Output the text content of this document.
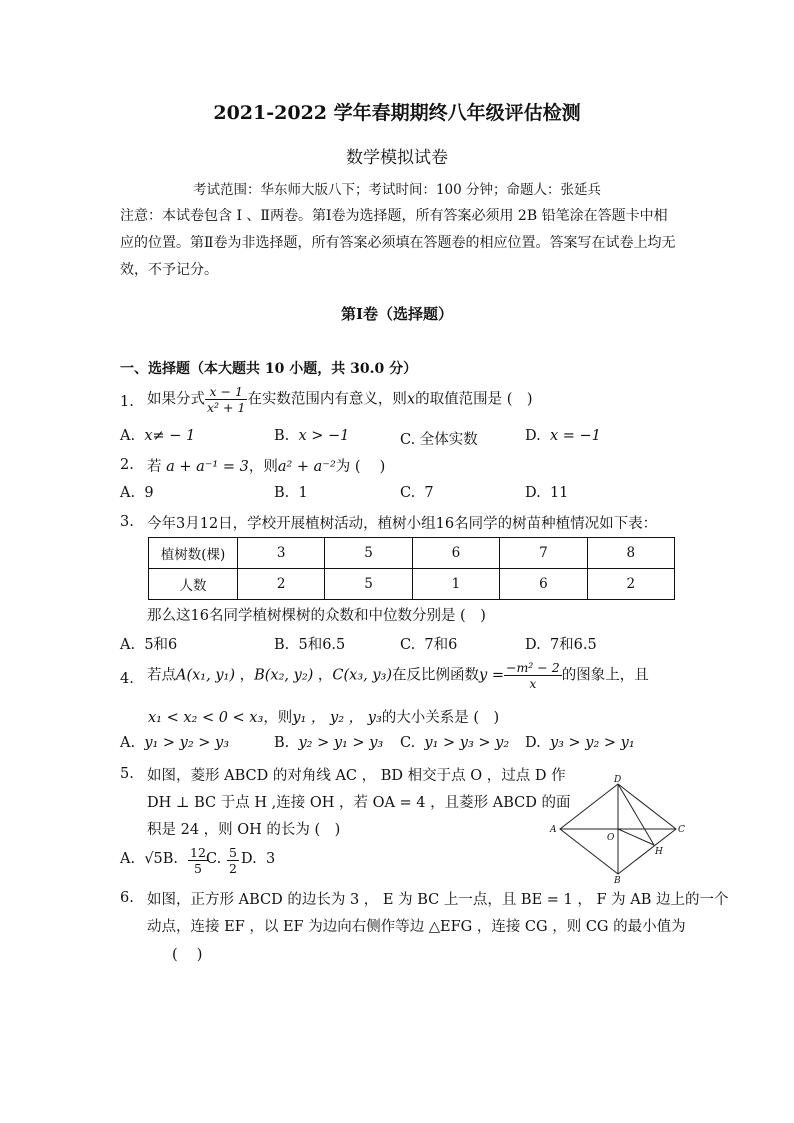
2021-2022 学年春期期终八年级评估检测
数学模拟试卷
考试范围：华东师大版八下；考试时间：100 分钟；命题人：张延兵
注意：本试卷包含 Ⅰ 、Ⅱ两卷。第Ⅰ卷为选择题，所有答案必须用 2B 铅笔涂在答题卡中相应的位置。第Ⅱ卷为非选择题，所有答案必须填在答题卷的相应位置。答案写在试卷上均无效，不予记分。
第Ⅰ卷（选择题）
一、选择题（本大题共 10 小题，共 30.0 分）
1. 如果分式 $\frac{x - 1}{\text{x² + 1}}$ 在实数范围内有意义，则x的取值范围是 (　)
A. x≠ − 1	B. x > −1	C. 全体实数	D. x = −1
2. 若 a + a⁻¹ = 3，则a² + a⁻²为 (　 )
A. 9	B. 1	C. 7	D. 11
3. 今年3月12日，学校开展植树活动，植树小组16名同学的树苗种植情况如下表：
植树数(棵)	3	5	6	7	8
人数	2	5	1	6	2
那么这16名同学植树棵树的众数和中位数分别是 (　)
A. 5和6	B. 5和6.5	C. 7和6	D. 7和6.5
4. 若点A(x₁, y₁) ，B(x₂, y₂) ，C(x₃, y₃)在反比例函数$y = \frac{\text{−m² − 2}}{x}$ 的图象上，且
x₁ < x₂ < 0 < x₃，则y₁ ， y₂ ， y₃的大小关系是 (　)
A. y₁ > y₂ > y₃	B. y₂ > y₁ > y₃ C. y₁ > y₃ > y₂ D. y₃ > y₂ > y₁
5. 如图，菱形 ABCD 的对角线 AC ， BD 相交于点 O ，过点 D 作
DH ⊥ BC 于点 H ,连接 OH ，若 OA = 4 ，且菱形 ABCD 的面
积是 24 ，则 OH 的长为 (　)
A. √5B. $\frac{12}{5}$
C. $\frac{5}{2} D$. 3
D
A
O
C
H
B
6. 如图，正方形 ABCD 的边长为 3 ， E 为 BC 上一点，且 BE = 1 ， F 为 AB 边上的一个
动点，连接 EF ，以 EF 为边向右侧作等边 △EFG ，连接 CG ，则 CG 的最小值为
(　 )
